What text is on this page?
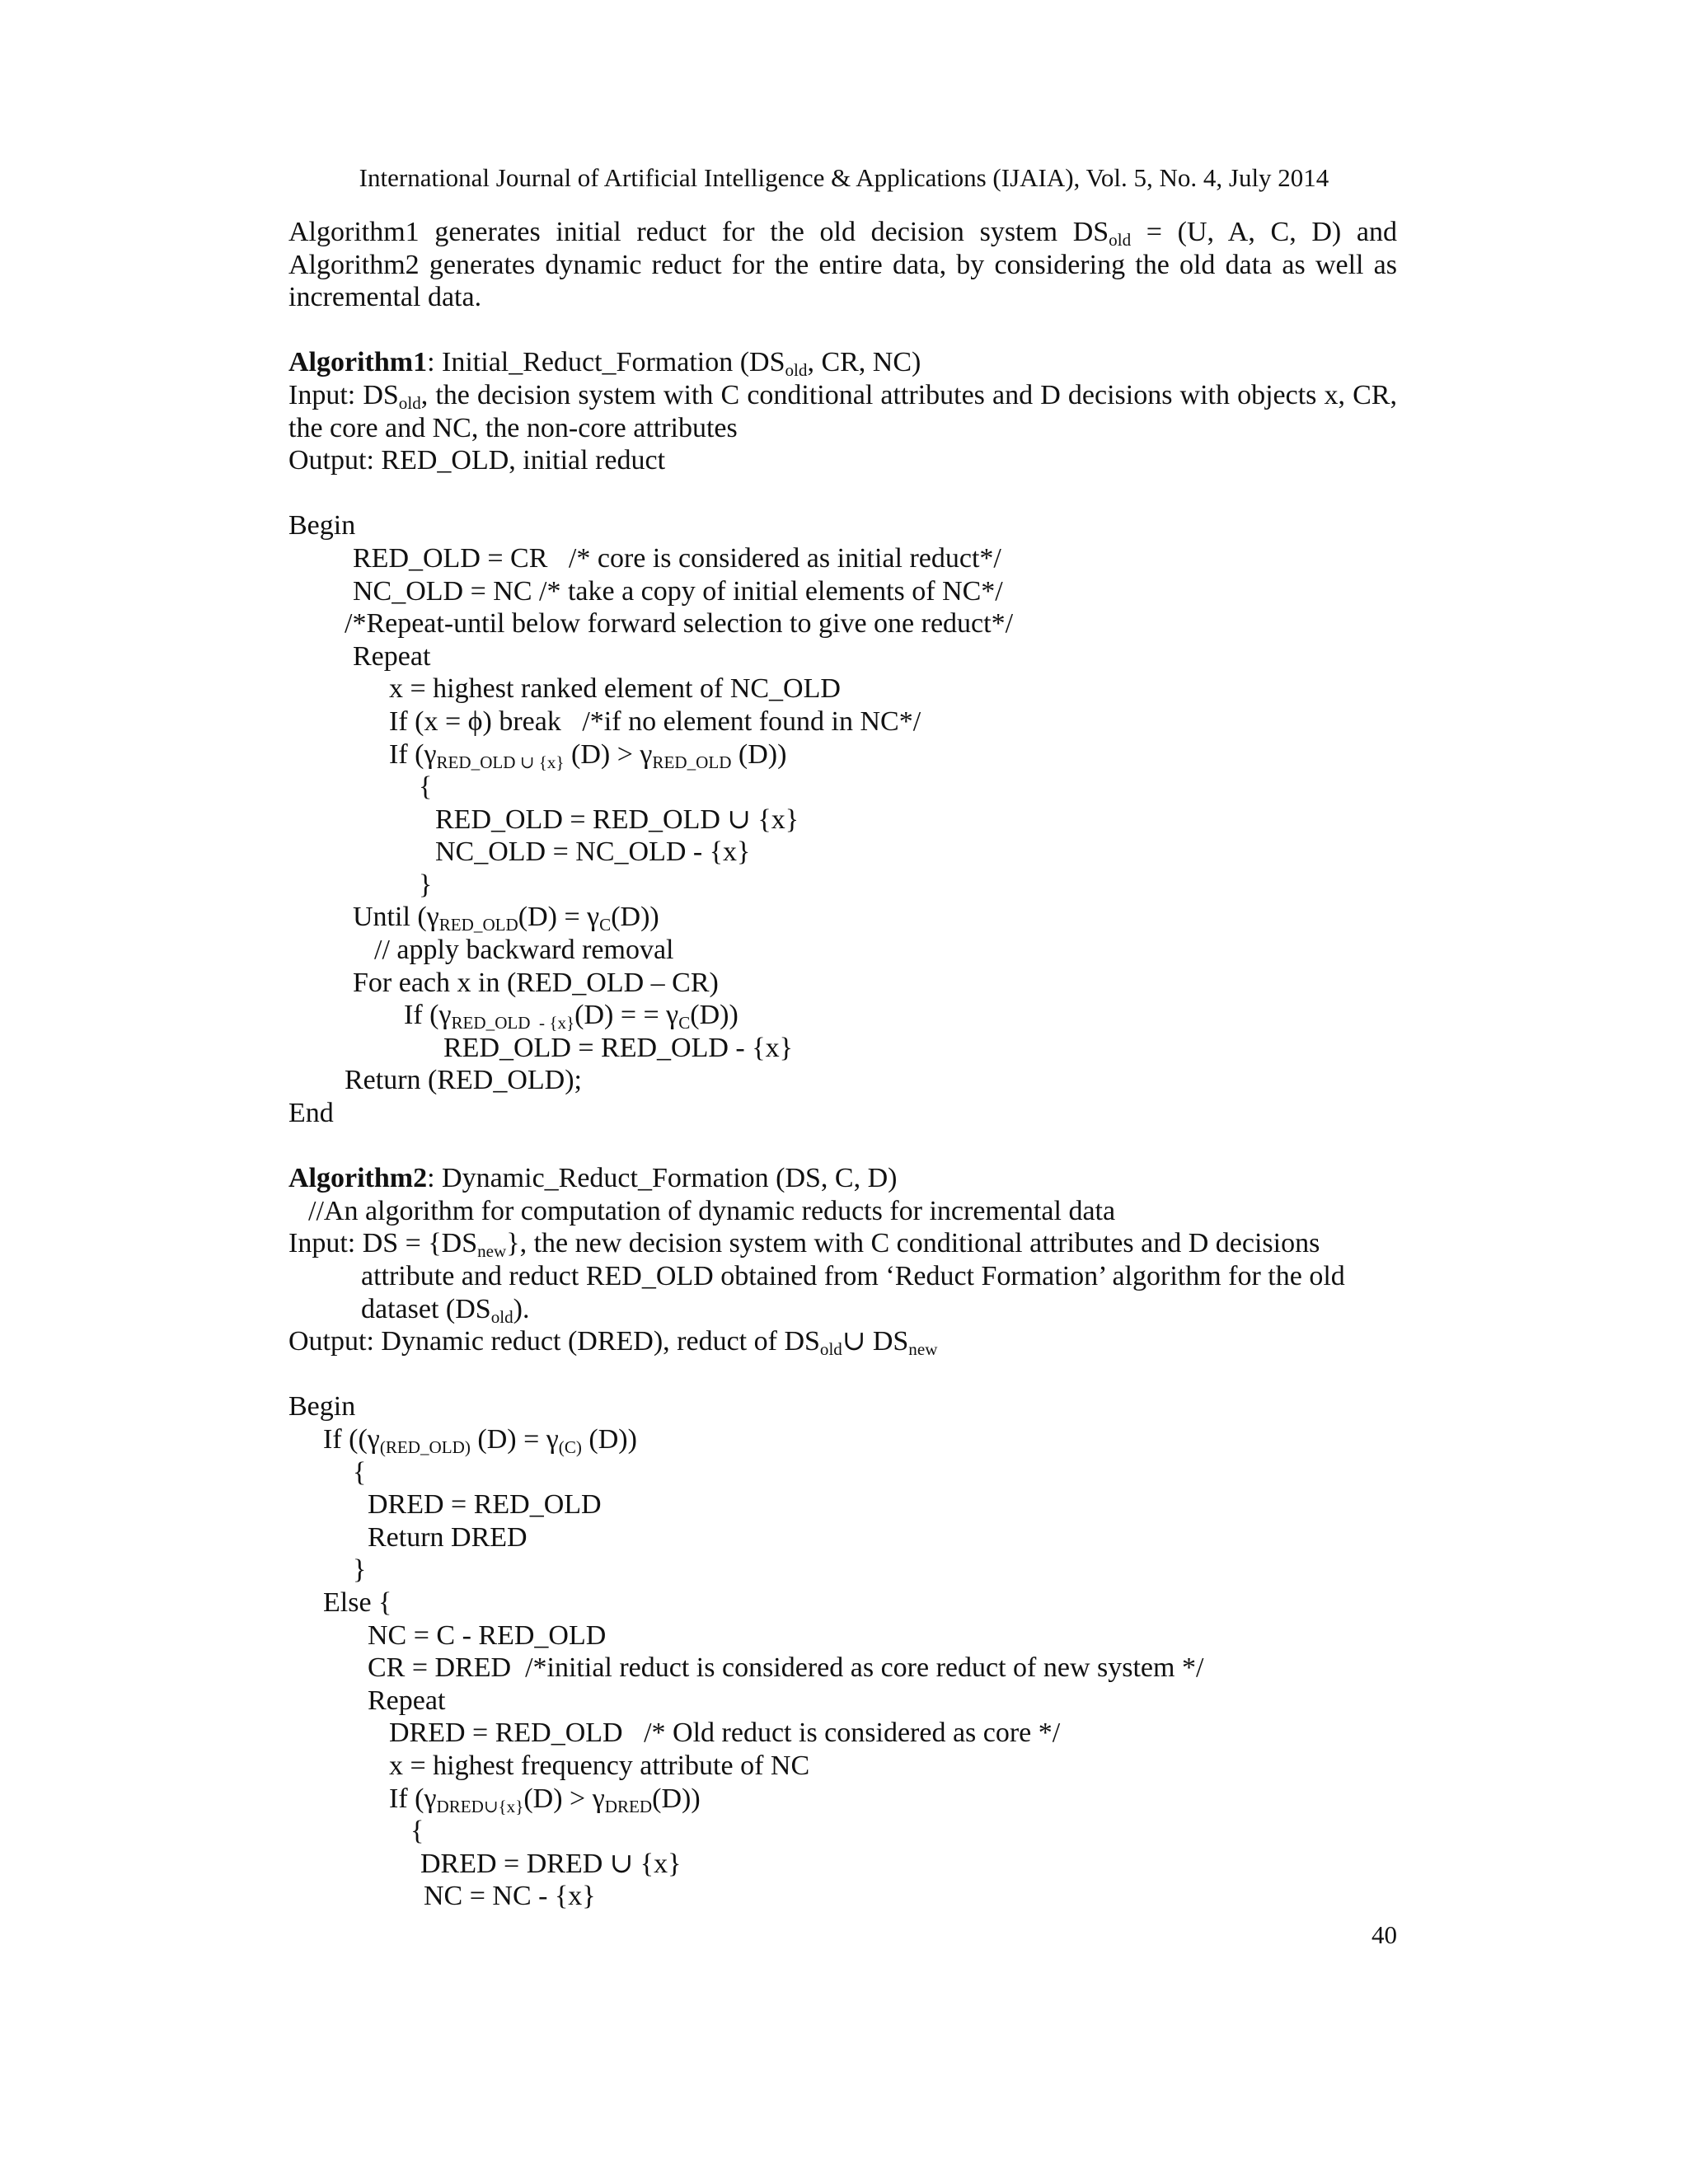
International Journal of Artificial Intelligence & Applications (IJAIA), Vol. 5, No. 4, July 2014
Algorithm1 generates initial reduct for the old decision system $DS_{old} = (U$, A, C, D) and Algorithm2 generates dynamic reduct for the entire data, by considering the old data as well as incremental data.
Algorithm1: Initial_Reduct_Formation ($DS_{old}$, CR, NC)
Input: $DS_{old}$, the decision system with C conditional attributes and D decisions with objects x, CR, the core and NC, the non-core attributes
Output: RED_OLD, initial reduct
Begin
RED_OLD = CR   /* core is considered as initial reduct*/
NC_OLD = NC /* take a copy of initial elements of NC*/
/*Repeat-until below forward selection to give one reduct*/
Repeat
x = highest ranked element of NC_OLD
If (x = ϕ) break   /*if no element found in NC*/
If ($\gamma_{RED\_OLD \cup \{x\}}$ $(D) > \gamma_{RED\_OLD}$ (D))
{
RED_OLD = RED_OLD ∪ {x}
NC_OLD = NC_OLD - {x}
}
Until $(\gamma_{RED\_OLD}(D) = \gamma_C(D))$
// apply backward removal
For each x in (RED_OLD – CR)
If ($\gamma_{RED\_OLD - \{x\}}(D)$ = = $\gamma_C(D)$)
RED_OLD = RED_OLD - {x}
Return (RED_OLD);
End
Algorithm2: Dynamic_Reduct_Formation (DS, C, D)
//An algorithm for computation of dynamic reducts for incremental data
Input: DS = $\{DS_{new}\}$, the new decision system with C conditional attributes and D decisions
attribute and reduct RED_OLD obtained from ‘Reduct Formation’ algorithm for the old dataset $(DS_{old})$.
Output: Dynamic reduct (DRED), reduct of $DS_{old}\cup$ $DS_{new}$
Begin
If (($\gamma_{(RED\_OLD)}$ $(D) = \gamma_{(C)}$ (D))
{
DRED = RED_OLD
Return DRED
}
Else {
NC = C - RED_OLD
CR = DRED  /*initial reduct is considered as core reduct of new system */
Repeat
DRED = RED_OLD   /* Old reduct is considered as core */
x = highest frequency attribute of NC
If $(\gamma_{DRED\cup\{x\}}(D) > \gamma_{DRED}(D))$
{
DRED = DRED ∪ {x}
NC = NC - {x}
40
